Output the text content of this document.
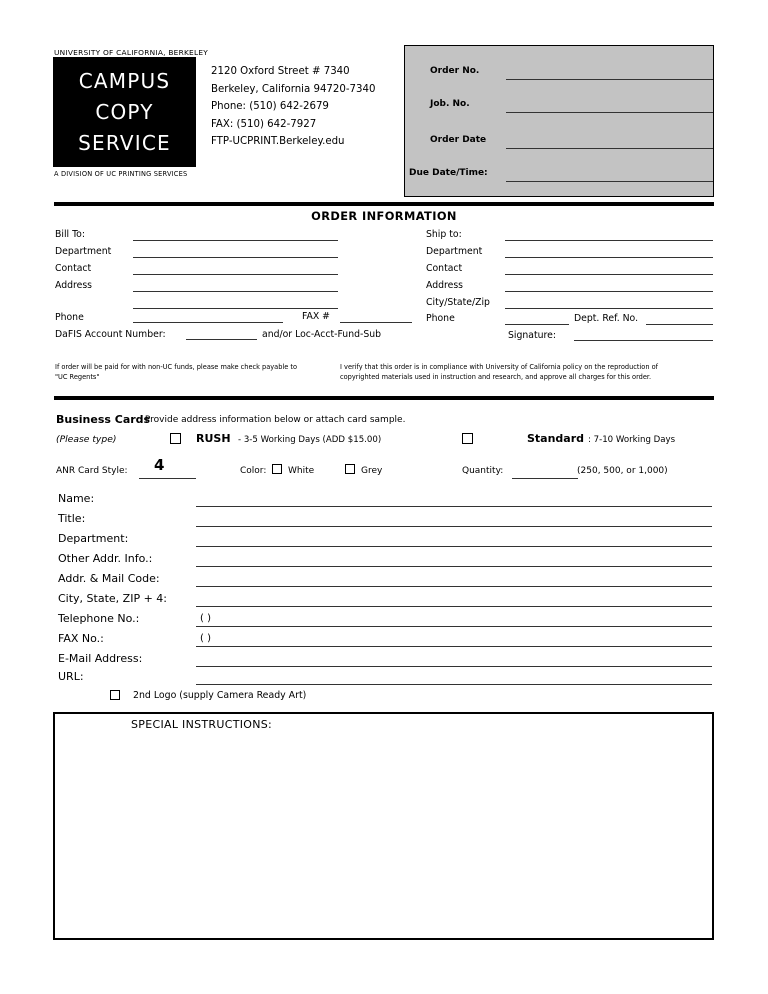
UNIVERSITY OF CALIFORNIA, BERKELEY
CAMPUS
COPY
SERVICE
A DIVISION OF UC PRINTING SERVICES
2120 Oxford Street # 7340
Berkeley, California 94720-7340
Phone: (510) 642-2679
FAX: (510) 642-7927
FTP-UCPRINT.Berkeley.edu
Order No.
Job. No.
Order Date
Due Date/Time:
ORDER INFORMATION
Bill To:
Department
Contact
Address
Phone	FAX #
DaFIS Account Number:	and/or Loc-Acct-Fund-Sub
Ship to:
Department
Contact
Address
City/State/Zip
Phone	Dept. Ref. No.
Signature:
If order will be paid for with non-UC funds, please make check payable to "UC Regents"
I verify that this order is in compliance with University of California policy on the reproduction of copyrighted materials used in instruction and research, and approve all charges for this order.
Business Cards
: Provide address information below or attach card sample.
(Please type)	RUSH - 3-5 Working Days (ADD $15.00)	Standard : 7-10 Working Days
ANR Card Style: 4	Color: White	Grey	Quantity:	(250, 500, or 1,000)
Name:
Title:
Department:
Other Addr. Info.:
Addr. & Mail Code:
City, State, ZIP + 4:
Telephone No.:	( )
FAX No.:	( )
E-Mail Address:
URL:
2nd Logo (supply Camera Ready Art)
SPECIAL INSTRUCTIONS:
